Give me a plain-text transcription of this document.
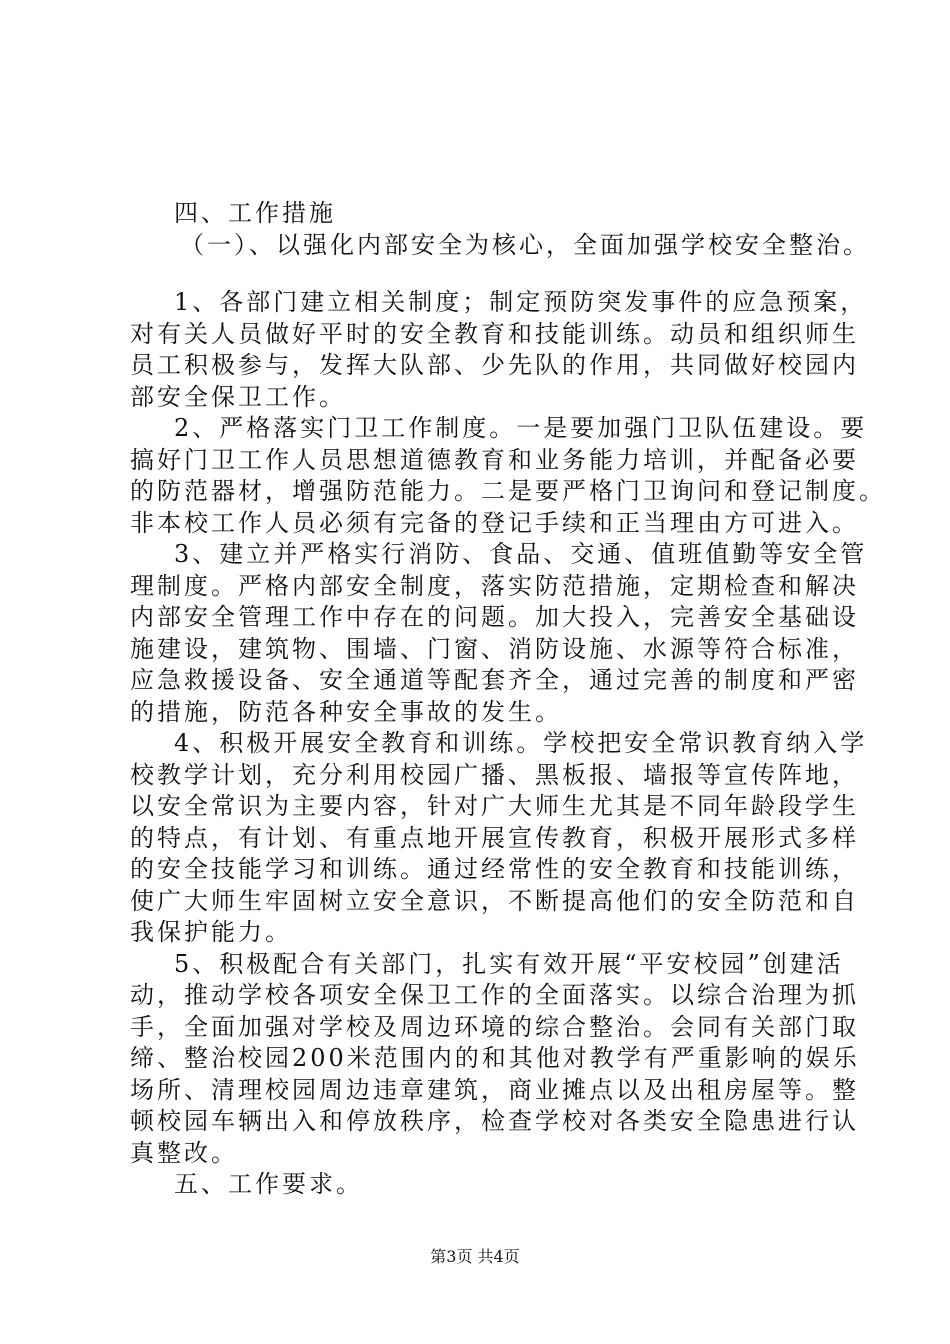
四、工作措施
（一）、以强化内部安全为核心，全面加强学校安全整治。
1、各部门建立相关制度；制定预防突发事件的应急预案，
对有关人员做好平时的安全教育和技能训练。动员和组织师生
员工积极参与，发挥大队部、少先队的作用，共同做好校园内
部安全保卫工作。
2、严格落实门卫工作制度。一是要加强门卫队伍建设。要
搞好门卫工作人员思想道德教育和业务能力培训，并配备必要
的防范器材，增强防范能力。二是要严格门卫询问和登记制度。
非本校工作人员必须有完备的登记手续和正当理由方可进入。
3、建立并严格实行消防、食品、交通、值班值勤等安全管
理制度。严格内部安全制度，落实防范措施，定期检查和解决
内部安全管理工作中存在的问题。加大投入，完善安全基础设
施建设，建筑物、围墙、门窗、消防设施、水源等符合标准，
应急救援设备、安全通道等配套齐全，通过完善的制度和严密
的措施，防范各种安全事故的发生。
4、积极开展安全教育和训练。学校把安全常识教育纳入学
校教学计划，充分利用校园广播、黑板报、墙报等宣传阵地，
以安全常识为主要内容，针对广大师生尤其是不同年龄段学生
的特点，有计划、有重点地开展宣传教育，积极开展形式多样
的安全技能学习和训练。通过经常性的安全教育和技能训练，
使广大师生牢固树立安全意识，不断提高他们的安全防范和自
我保护能力。
5、积极配合有关部门，扎实有效开展“平安校园”创建活
动，推动学校各项安全保卫工作的全面落实。以综合治理为抓
手，全面加强对学校及周边环境的综合整治。会同有关部门取
缔、整治校园200米范围内的和其他对教学有严重影响的娱乐
场所、清理校园周边违章建筑，商业摊点以及出租房屋等。整
顿校园车辆出入和停放秩序，检查学校对各类安全隐患进行认
真整改。
五、工作要求。
第3页 共4页
